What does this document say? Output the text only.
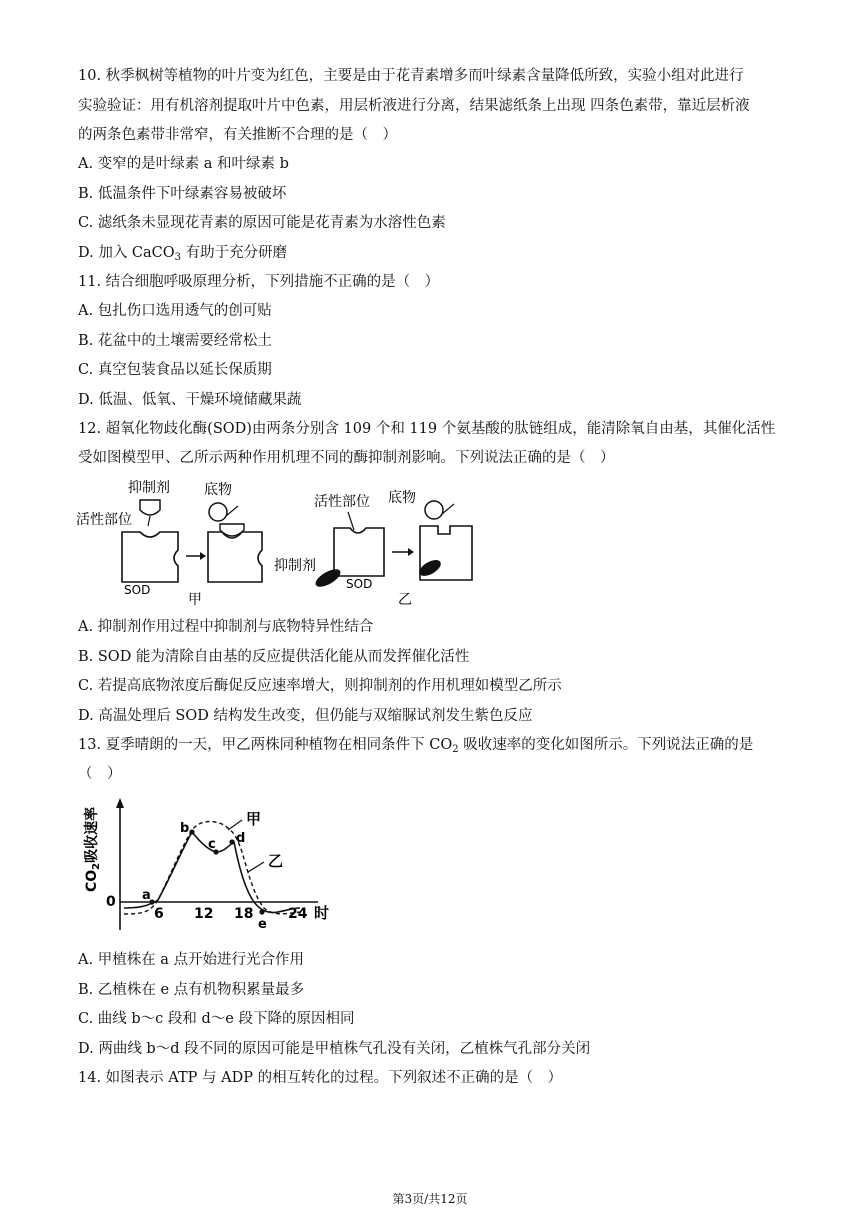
10. 秋季枫树等植物的叶片变为红色，主要是由于花青素增多而叶绿素含量降低所致，实验小组对此进行
实验验证：用有机溶剂提取叶片中色素，用层析液进行分离，结果滤纸条上出现 四条色素带，靠近层析液
的两条色素带非常窄，有关推断不合理的是（　）
A. 变窄的是叶绿素 a 和叶绿素 b
B. 低温条件下叶绿素容易被破坏
C. 滤纸条未显现花青素的原因可能是花青素为水溶性色素
D. 加入 CaCO$_3$ 有助于充分研磨
11. 结合细胞呼吸原理分析，下列措施不正确的是（　）
A. 包扎伤口选用透气的创可贴
B. 花盆中的土壤需要经常松土
C. 真空包装食品以延长保质期
D. 低温、低氧、干燥环境储藏果蔬
12. 超氧化物歧化酶(SOD)由两条分别含 109 个和 119 个氨基酸的肽链组成，能清除氧自由基，其催化活性
受如图模型甲、乙所示两种作用机理不同的酶抑制剂影响。下列说法正确的是（　）
抑制剂 底物
活性部位
SOD
甲
活性部位 底物
抑制剂
SOD
乙
A. 抑制剂作用过程中抑制剂与底物特异性结合
B. SOD 能为清除自由基的反应提供活化能从而发挥催化活性
C. 若提高底物浓度后酶促反应速率增大，则抑制剂的作用机理如模型乙所示
D. 高温处理后 SOD 结构发生改变，但仍能与双缩脲试剂发生紫色反应
13. 夏季晴朗的一天，甲乙两株同种植物在相同条件下 $CO_2$ 吸收速率的变化如图所示。下列说法正确的是
（　）
$CO_2$吸收速率
0
6 12 18 24 时
a
b
c d
e
甲
乙
A. 甲植株在 a 点开始进行光合作用
B. 乙植株在 e 点有机物积累量最多
C. 曲线 b～c 段和 d～e 段下降的原因相同
D. 两曲线 b～d 段不同的原因可能是甲植株气孔没有关闭，乙植株气孔部分关闭
14. 如图表示 ATP 与 ADP 的相互转化的过程。下列叙述不正确的是（　）
第3页/共12页
